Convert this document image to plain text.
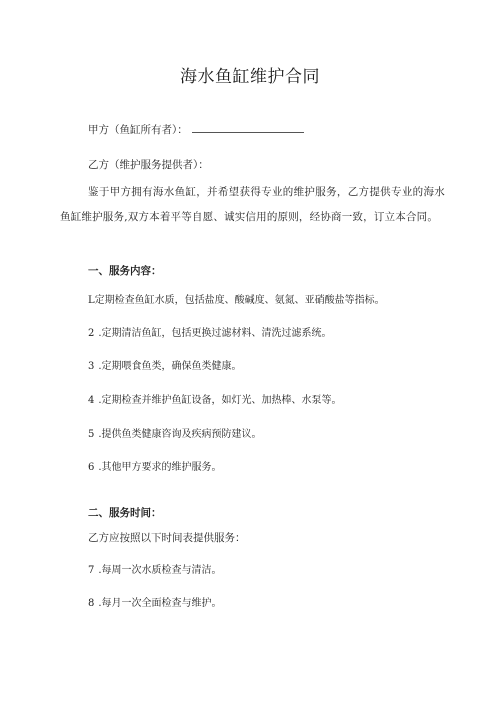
海水鱼缸维护合同
甲方（鱼缸所有者）：
乙方（维护服务提供者）：
鉴于甲方拥有海水鱼缸，并希望获得专业的维护服务，乙方提供专业的海水鱼缸维护服务,双方本着平等自愿、诚实信用的原则，经协商一致，订立本合同。
一、服务内容：
L定期检查鱼缸水质，包括盐度、酸碱度、氨氮、亚硝酸盐等指标。
2 .定期清洁鱼缸，包括更换过滤材料、清洗过滤系统。
3 .定期喂食鱼类，确保鱼类健康。
4 .定期检查并维护鱼缸设备，如灯光、加热棒、水泵等。
5 .提供鱼类健康咨询及疾病预防建议。
6 .其他甲方要求的维护服务。
二、服务时间：
乙方应按照以下时间表提供服务：
7 .每周一次水质检查与清洁。
8 .每月一次全面检查与维护。
